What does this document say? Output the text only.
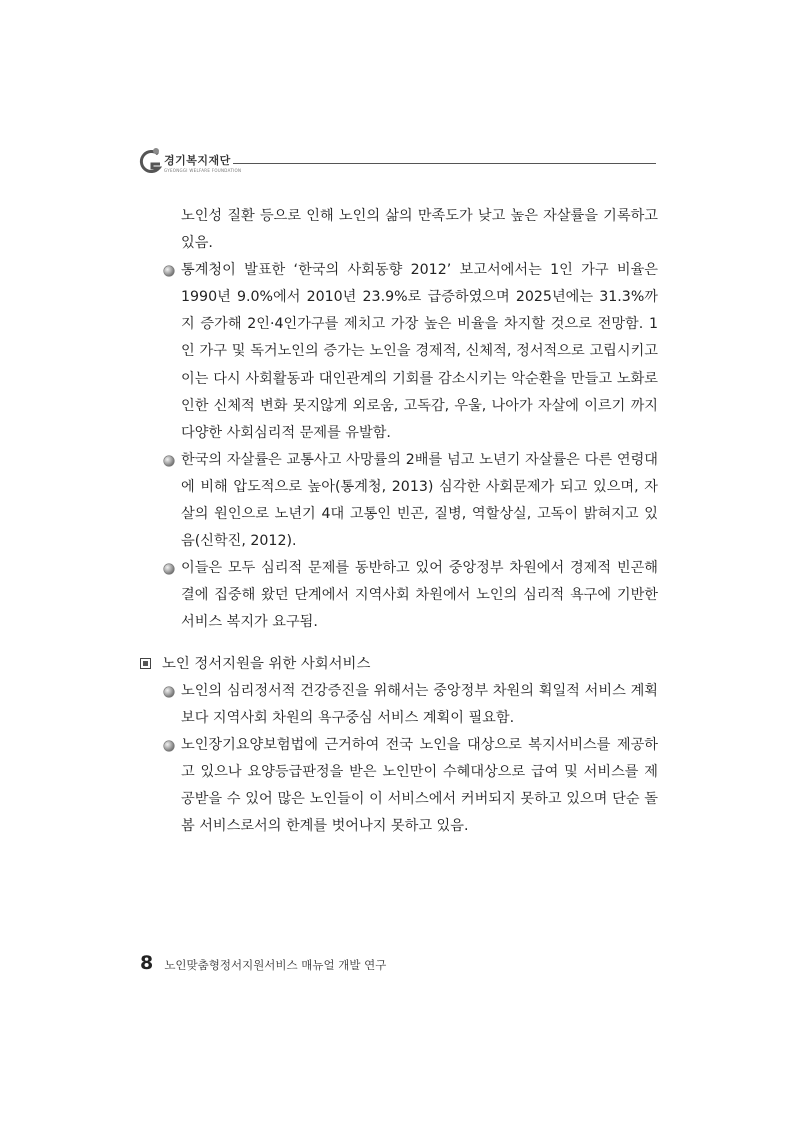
경기복지재단
GYEONGGI WELFARE FOUNDATION
노인성 질환 등으로 인해 노인의 삶의 만족도가 낮고 높은 자살률을 기록하고 있음.
통계청이 발표한 ‘한국의 사회동향 2012’ 보고서에서는 1인 가구 비율은 1990년 9.0%에서 2010년 23.9%로 급증하였으며 2025년에는 31.3%까지 증가해 2인·4인가구를 제치고 가장 높은 비율을 차지할 것으로 전망함. 1인 가구 및 독거노인의 증가는 노인을 경제적, 신체적, 정서적으로 고립시키고 이는 다시 사회활동과 대인관계의 기회를 감소시키는 악순환을 만들고 노화로 인한 신체적 변화 못지않게 외로움, 고독감, 우울, 나아가 자살에 이르기 까지 다양한 사회심리적 문제를 유발함.
한국의 자살률은 교통사고 사망률의 2배를 넘고 노년기 자살률은 다른 연령대에 비해 압도적으로 높아(통계청, 2013) 심각한 사회문제가 되고 있으며, 자살의 원인으로 노년기 4대 고통인 빈곤, 질병, 역할상실, 고독이 밝혀지고 있음(신학진, 2012).
이들은 모두 심리적 문제를 동반하고 있어 중앙정부 차원에서 경제적 빈곤해결에 집중해 왔던 단계에서 지역사회 차원에서 노인의 심리적 욕구에 기반한 서비스 복지가 요구됨.
노인 정서지원을 위한 사회서비스
노인의 심리정서적 건강증진을 위해서는 중앙정부 차원의 획일적 서비스 계획보다 지역사회 차원의 욕구중심 서비스 계획이 필요함.
노인장기요양보험법에 근거하여 전국 노인을 대상으로 복지서비스를 제공하고 있으나 요양등급판정을 받은 노인만이 수혜대상으로 급여 및 서비스를 제공받을 수 있어 많은 노인들이 이 서비스에서 커버되지 못하고 있으며 단순 돌봄 서비스로서의 한계를 벗어나지 못하고 있음.
8 노인맞춤형정서지원서비스 매뉴얼 개발 연구
